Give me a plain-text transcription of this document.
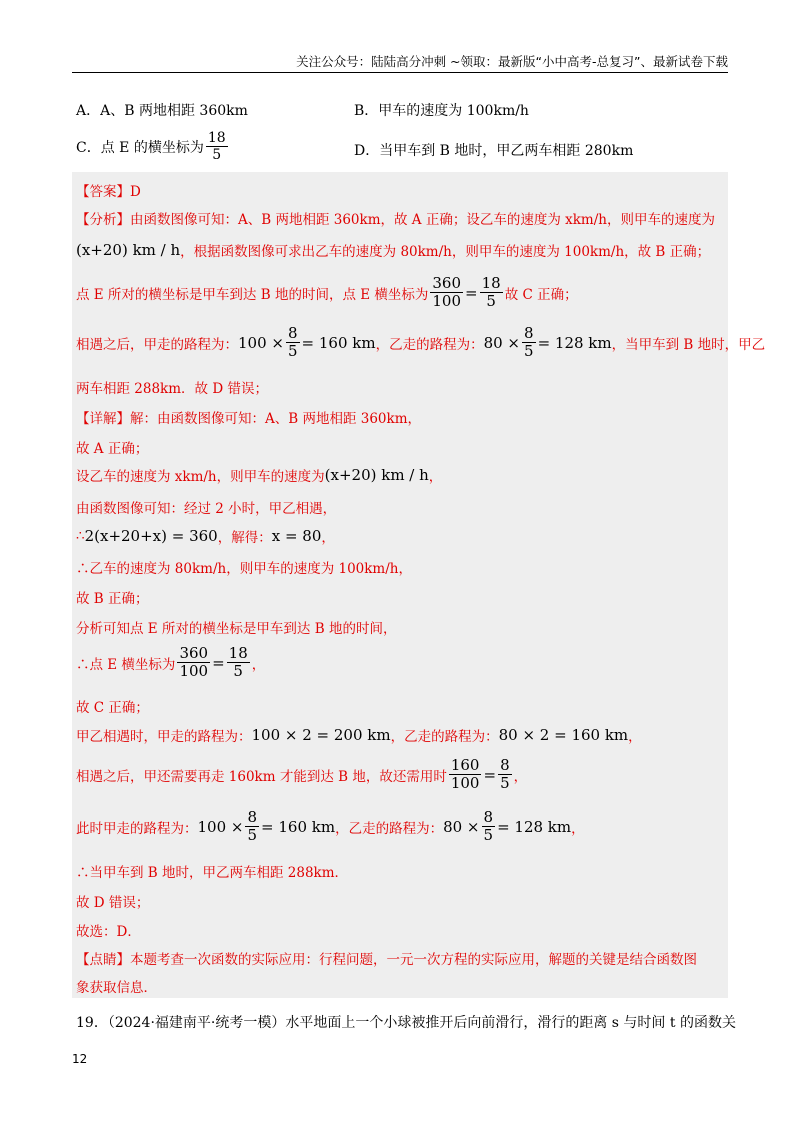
关注公众号：陆陆高分冲刺 ~领取：最新版“小中高考-总复习”、最新试卷下载
A．A、B 两地相距 360km	B．甲车的速度为 100km/h
C．点 E 的横坐标为 $\frac{18}{5}$	D．当甲车到 B 地时，甲乙两车相距 280km
【答案】D
【分析】由函数图像可知：A、B 两地相距 360km，故 A 正确；设乙车的速度为 xkm/h，则甲车的速度为
(x+20) km / h ，根据函数图像可求出乙车的速度为 80km/h，则甲车的速度为 100km/h，故 B 正确；
点 E 所对的横坐标是甲车到达 B 地的时间，点 E 横坐标为 $\frac{360}{100} = \frac{18}{5}$ 故 C 正确；
相遇之后，甲走的路程为： $100 \times \frac{8}{5} = 160$ km ，乙走的路程为： $80 \times \frac{8}{5} = 128$ km ，当甲车到 B 地时，甲乙
两车相距 288km．故 D 错误；
【详解】解：由函数图像可知：A、B 两地相距 360km，
故 A 正确；
设乙车的速度为 xkm/h，则甲车的速度为 (x+20) km / h ，
由函数图像可知：经过 2 小时，甲乙相遇，
∴ 2(x+20+x) = 360 ，解得： x = 80 ，
∴乙车的速度为 80km/h，则甲车的速度为 100km/h，
故 B 正确；
分析可知点 E 所对的横坐标是甲车到达 B 地的时间，
∴点 E 横坐标为 $\frac{360}{100} = \frac{18}{5}$ ，
故 C 正确；
甲乙相遇时，甲走的路程为： 100 × 2 = 200 km ，乙走的路程为： 80 × 2 = 160 km ，
相遇之后，甲还需要再走 160km 才能到达 B 地，故还需用时 $\frac{160}{100} = \frac{8}{5}$ ，
此时甲走的路程为： $100 \times \frac{8}{5} = 160$ km ，乙走的路程为： $80 \times \frac{8}{5} = 128$ km ，
∴当甲车到 B 地时，甲乙两车相距 288km．
故 D 错误；
故选：D．
【点睛】本题考查一次函数的实际应用：行程问题，一元一次方程的实际应用，解题的关键是结合函数图
象获取信息．
19．（2024·福建南平·统考一模）水平地面上一个小球被推开后向前滑行，滑行的距离 s 与时间 t 的函数关
12
